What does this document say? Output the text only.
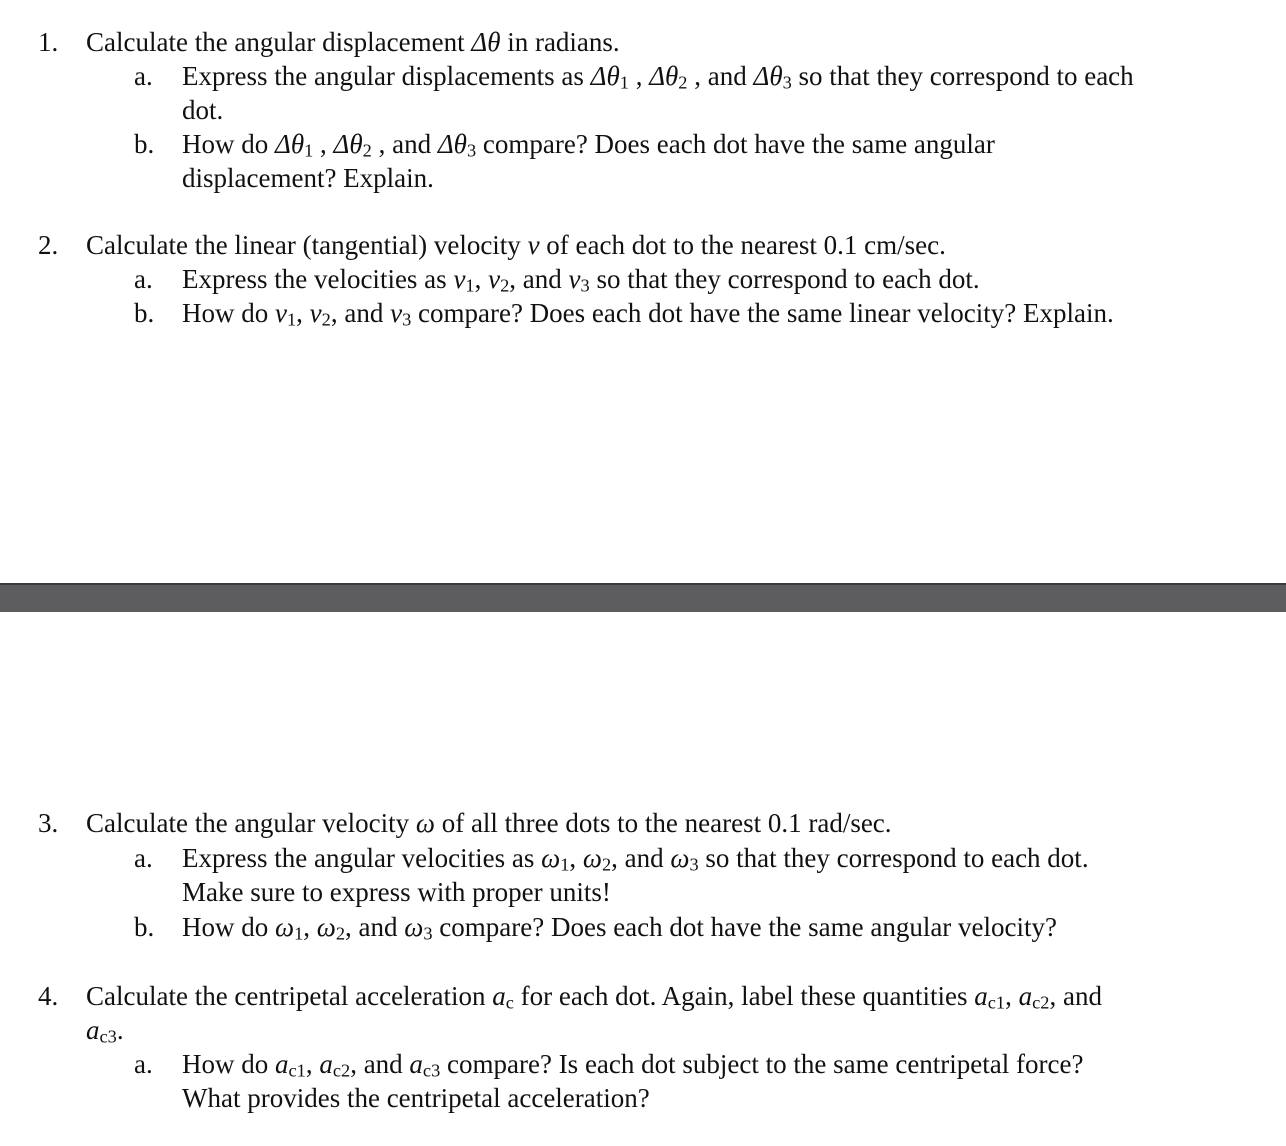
1.	Calculate the angular displacement Δθ in radians.
a.	Express the angular displacements as Δθ1 , Δθ2 , and Δθ3 so that they correspond to each
dot.
b.	How do Δθ1 , Δθ2 , and Δθ3 compare? Does each dot have the same angular
displacement? Explain.
2.	Calculate the linear (tangential) velocity v of each dot to the nearest 0.1 cm/sec.
a.	Express the velocities as v1, v2, and v3 so that they correspond to each dot.
b.	How do v1, v2, and v3 compare? Does each dot have the same linear velocity? Explain.
3.	Calculate the angular velocity ω of all three dots to the nearest 0.1 rad/sec.
a.	Express the angular velocities as ω1, ω2, and ω3 so that they correspond to each dot.
Make sure to express with proper units!
b.	How do ω1, ω2, and ω3 compare? Does each dot have the same angular velocity?
4.	Calculate the centripetal acceleration ac for each dot. Again, label these quantities ac1, ac2, and
ac3.
a.	How do ac1, ac2, and ac3 compare? Is each dot subject to the same centripetal force?
What provides the centripetal acceleration?
